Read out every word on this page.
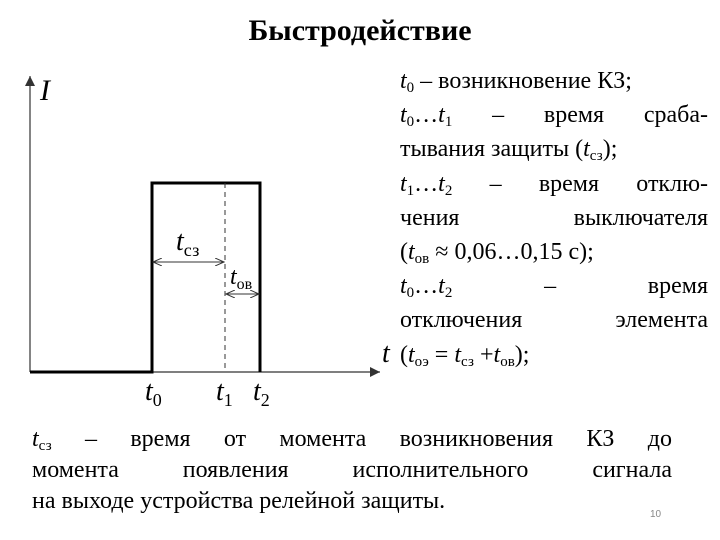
Быстродействие
I
t
$t_{сз}$
$t_{ов}$
$t_0$ $t_1$ $t_2$
$t_0$ – возникновение КЗ;
$t_0\dots t_1$ – время сраба-
тывания защиты $(t_{сз})$;
$t_1\dots t_2$ – время отклю-
чения выключателя
($t_{ов}$ ≈ 0,06…0,15 с);
$t_0\dots t_2$ – время
отключения элемента
$(t_{оэ} = t_{сз} +t_{ов})$;
$t_{сз}$ – время от момента возникновения КЗ до
момента появления исполнительного сигнала
на выходе устройства релейной защиты.
10
